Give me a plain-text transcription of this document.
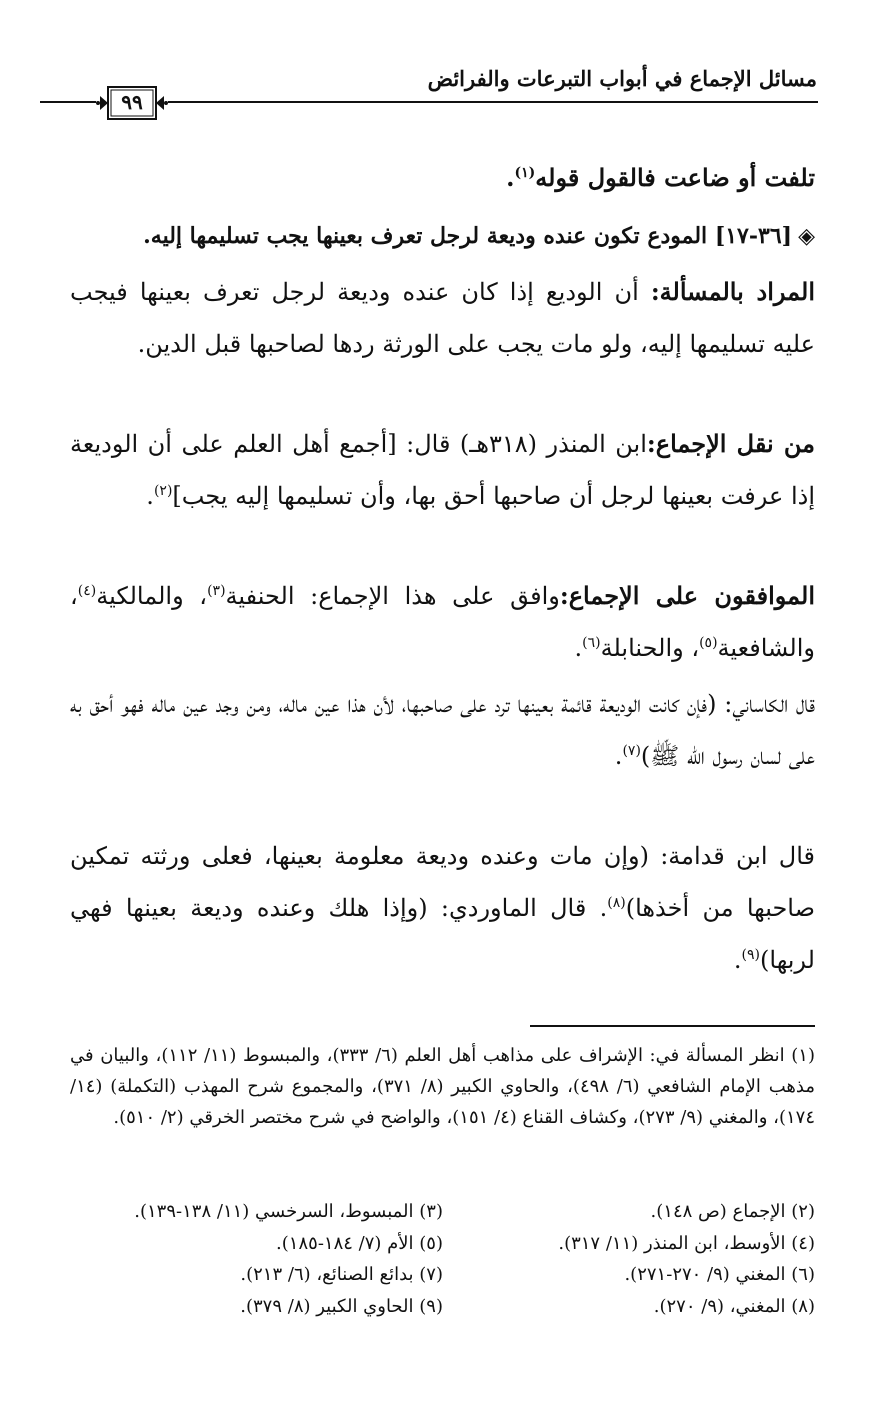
مسائل الإجماع في أبواب التبرعات والفرائض
٩٩
تلفت أو ضاعت فالقول قوله$^{(١)}$.
◈[٣٦-١٧] المودع تكون عنده وديعة لرجل تعرف بعينها يجب تسليمها إليه.
المراد بالمسألة: أن الوديع إذا كان عنده وديعة لرجل تعرف بعينها فيجب عليه تسليمها إليه، ولو مات يجب على الورثة ردها لصاحبها قبل الدين.
من نقل الإجماع:ابن المنذر (٣١٨هـ) قال: [أجمع أهل العلم على أن الوديعة إذا عرفت بعينها لرجل أن صاحبها أحق بها، وأن تسليمها إليه يجب]$^{(٢)}$.
الموافقون على الإجماع:وافق على هذا الإجماع: الحنفية$^{(٣)}$، والمالكية$^{(٤)}$، والشافعية$^{(٥)}$، والحنابلة$^{(٦)}$.
قال الكاساني: (فإن كانت الوديعة قائمة بعينها ترد على صاحبها، لأن هذا عين ماله، ومن وجد عين ماله فهو أحق به على لسان رسول الله ﷺ)$^{(٧)}$.
قال ابن قدامة: (وإن مات وعنده وديعة معلومة بعينها، فعلى ورثته تمكين صاحبها من أخذها)$^{(٨)}$. قال الماوردي: (وإذا هلك وعنده وديعة بعينها فهي لربها)$^{(٩)}$.
(١) انظر المسألة في: الإشراف على مذاهب أهل العلم (٦/ ٣٣٣)، والمبسوط (١١/ ١١٢)، والبيان في مذهب الإمام الشافعي (٦/ ٤٩٨)، والحاوي الكبير (٨/ ٣٧١)، والمجموع شرح المهذب (التكملة) (١٤/ ١٧٤)، والمغني (٩/ ٢٧٣)، وكشاف القناع (٤/ ١٥١)، والواضح في شرح مختصر الخرقي (٢/ ٥١٠).
(٢) الإجماع (ص ١٤٨).
(٣) المبسوط، السرخسي (١١/ ١٣٨-١٣٩).
(٤) الأوسط، ابن المنذر (١١/ ٣١٧).
(٥) الأم (٧/ ١٨٤-١٨٥).
(٦) المغني (٩/ ٢٧٠-٢٧١).
(٧) بدائع الصنائع، (٦/ ٢١٣).
(٨) المغني، (٩/ ٢٧٠).
(٩) الحاوي الكبير (٨/ ٣٧٩).
